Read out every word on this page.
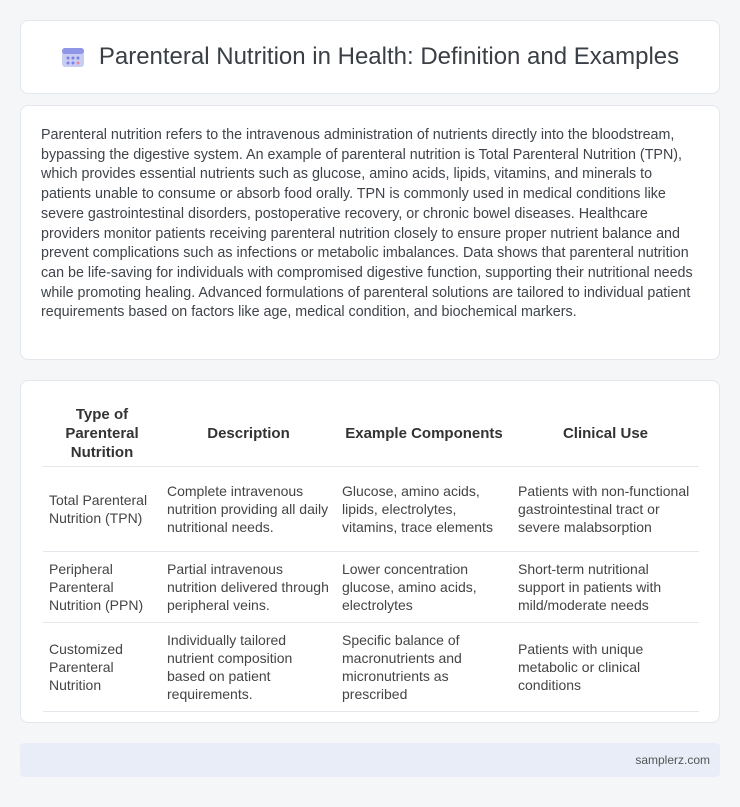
Parenteral Nutrition in Health: Definition and Examples

Parenteral nutrition refers to the intravenous administration of nutrients directly into the bloodstream, bypassing the digestive system. An example of parenteral nutrition is Total Parenteral Nutrition (TPN), which provides essential nutrients such as glucose, amino acids, lipids, vitamins, and minerals to patients unable to consume or absorb food orally. TPN is commonly used in medical conditions like severe gastrointestinal disorders, postoperative recovery, or chronic bowel diseases. Healthcare providers monitor patients receiving parenteral nutrition closely to ensure proper nutrient balance and prevent complications such as infections or metabolic imbalances. Data shows that parenteral nutrition can be life-saving for individuals with compromised digestive function, supporting their nutritional needs while promoting healing. Advanced formulations of parenteral solutions are tailored to individual patient requirements based on factors like age, medical condition, and biochemical markers.

Type of Parenteral Nutrition	Description	Example Components	Clinical Use
Total Parenteral Nutrition (TPN)	Complete intravenous nutrition providing all daily nutritional needs.	Glucose, amino acids, lipids, electrolytes, vitamins, trace elements	Patients with non-functional gastrointestinal tract or severe malabsorption
Peripheral Parenteral Nutrition (PPN)	Partial intravenous nutrition delivered through peripheral veins.	Lower concentration glucose, amino acids, electrolytes	Short-term nutritional support in patients with mild/moderate needs
Customized Parenteral Nutrition	Individually tailored nutrient composition based on patient requirements.	Specific balance of macronutrients and micronutrients as prescribed	Patients with unique metabolic or clinical conditions
samplerz.com
